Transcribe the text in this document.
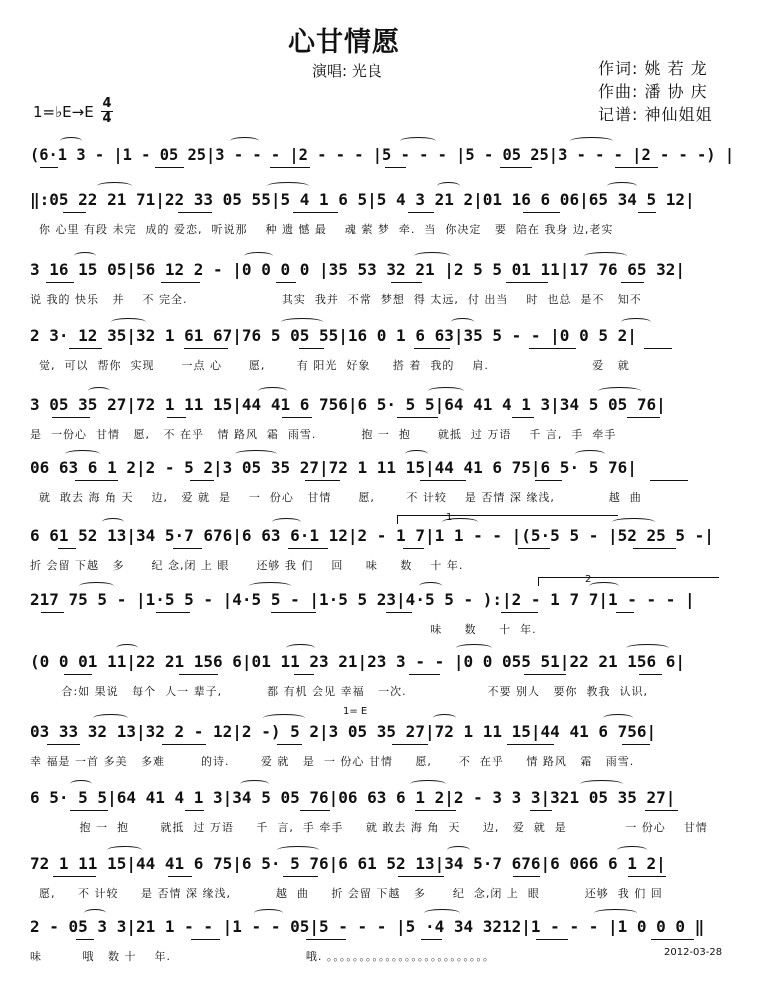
心甘情愿
演唱: 光良	作词: 姚 若 龙
作曲: 潘 协 庆
记谱: 神仙姐姐
1=♭E→E 4
4
(6·1 3 - |1 - 05 25|3 - - - |2 - - - |5 - - - |5 - 05 25|3 - - - |2 - - -) |
‖:05 22 21 71|22 33 05 55|5 4 1 6 5|5 4 3 21 2|01 16 6 06|65 34 5 12|
你 心里 有段 未完  成的 爱恋,  听说那    种 遗 憾 最    魂 萦 梦  牵.  当  你决定   要  陪在 我身 边,老实
3 16 15 05|56 12 2 - |0 0 0 0 |35 53 32 21 |2 5 5 01 11|17 76 65 32|
说 我的 快乐   并    不 完全.                     其实  我并  不常  梦想  得 太远,  付 出当    时  也总  是不   知不
2 3· 12 35|32 1 61 67|76 5 05 55|16 0 1 6 63|35 5 - - |0 0 5 2|
觉,  可以  帮你  实现      一点 心      愿,       有 阳光  好象     搭 着  我的    肩.                       爱   就
3 05 35 27|72 1 11 15|44 41 6 756|6 5· 5 5|64 41 4 1 3|34 5 05 76|
是  一份心  甘情   愿,   不 在乎   情 路风  霜  雨雪.          抱 一  抱      就抵  过 万语    千 言,  手  牵手
06 63 6 1 2|2 - 5 2|3 05 35 27|72 1 11 15|44 41 6 75|6 5· 5 76|
就  敢去 海 角 天    边,   爱 就  是    一  份心   甘情      愿,       不 计较    是 否情 深 缘浅,            越  曲
6 61 52 13|34 5·7 676|6 63 6·1 12|2 - 1 7|1 1 - - |(5·5 5 - |52 25 5 -|
折 会留 下越   多      纪 念,闭 上 眼      还够 我 们    回     味     数    十 年.
217 75 5 - |1·5 5 - |4·5 5 - |1·5 5 23|4·5 5 - ):|2 - 1 7 7|1 - - - |
味     数     十  年.
(0 0 01 11|22 21 156 6|01 11 23 21|23 3 - - |0 0 055 51|22 21 156 6|
合:如 果说   每个  人一 辈子,          都 有机 会见 幸福   一次.                  不要 别人   要你  教我  认识,
03 33 32 13|32 2 - 12|2 -) 5 2|3 05 35 27|72 1 11 15|44 41 6 756|
幸 福是 一首 多美   多难        的诗.       爱 就   是  一 份心 甘情     愿,      不  在乎     情 路风   霜   雨雪.
6 5· 5 5|64 41 4 1 3|34 5 05 76|06 63 6 1 2|2 - 3 3 3|321 05 35 27|
抱 一  抱       就抵  过 万语     千  言,  手 牵手     就 敢去 海 角  天     边,   爱  就  是             一 份心    甘情
72 1 11 15|44 41 6 75|6 5· 5 76|6 61 52 13|34 5·7 676|6 066 6 1 2|
愿,     不 计较     是 否情 深 缘浅,          越  曲     折 会留 下越   多      纪  念,闭 上  眼          还够  我 们 回
2 - 05 3 3|21 1 - - |1 - - 05|5 - - - |5 ·4 34 3212|1 - - - |1 0 0 0 ‖
味         哦   数 十    年.                              哦. 。。。。。。。。。。。。。。。。。。。。。。。。。
1= E
1
2
2012-03-28
